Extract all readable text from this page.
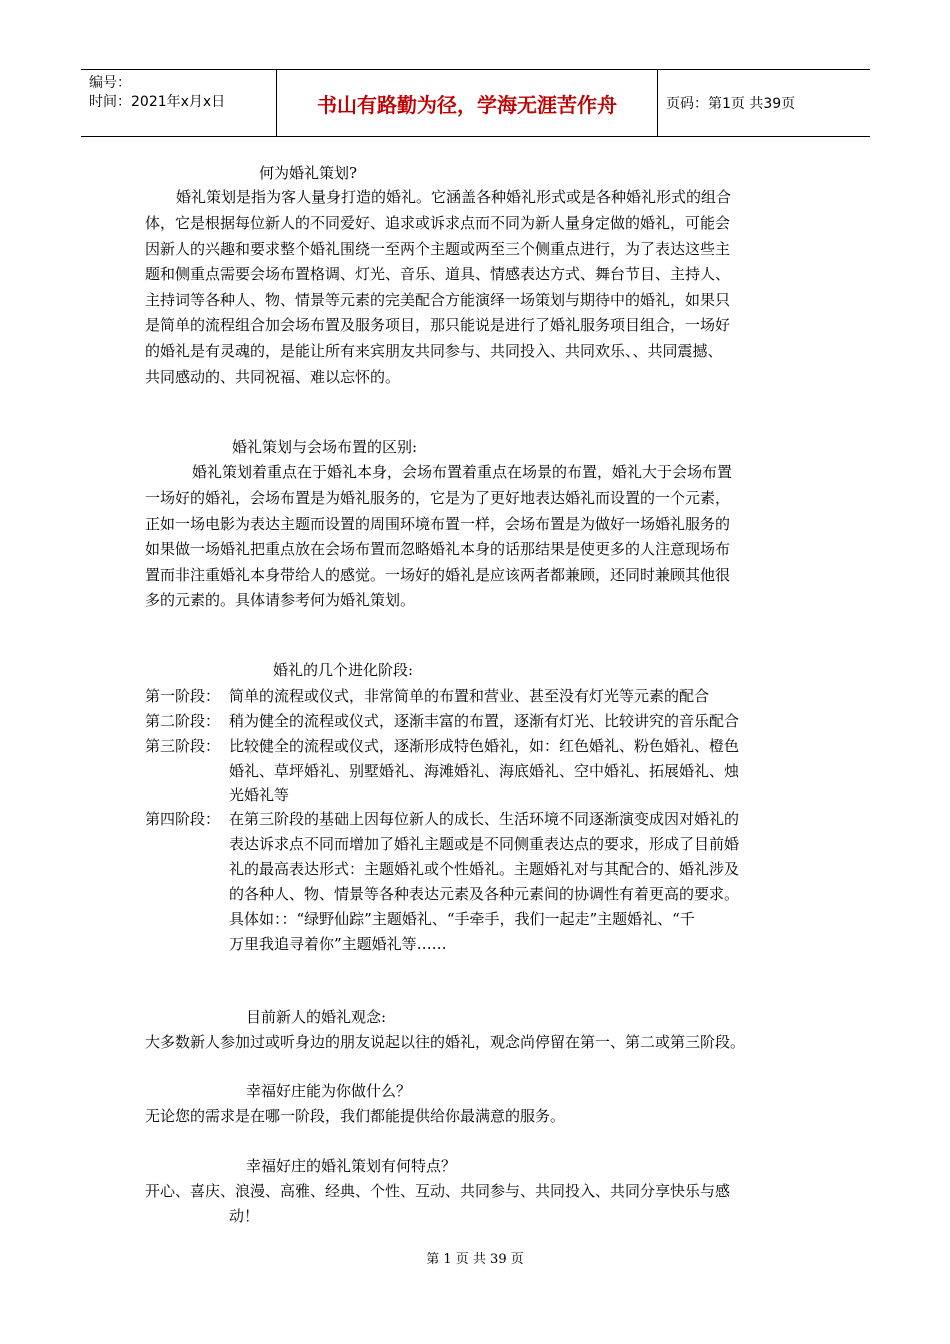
编号：
时间：2021年x月x日	书山有路勤为径，学海无涯苦作舟	页码：第1页 共39页
何为婚礼策划?
婚礼策划是指为客人量身打造的婚礼。它涵盖各种婚礼形式或是各种婚礼形式的组合
体，它是根据每位新人的不同爱好、追求或诉求点而不同为新人量身定做的婚礼，可能会
因新人的兴趣和要求整个婚礼围绕一至两个主题或两至三个侧重点进行，为了表达这些主
题和侧重点需要会场布置格调、灯光、音乐、道具、情感表达方式、舞台节目、主持人、
主持词等各种人、物、情景等元素的完美配合方能演绎一场策划与期待中的婚礼，如果只
是简单的流程组合加会场布置及服务项目，那只能说是进行了婚礼服务项目组合，一场好
的婚礼是有灵魂的，是能让所有来宾朋友共同参与、共同投入、共同欢乐、、共同震撼、
共同感动的、共同祝福、难以忘怀的。
婚礼策划与会场布置的区别:
婚礼策划着重点在于婚礼本身，会场布置着重点在场景的布置，婚礼大于会场布置
一场好的婚礼，会场布置是为婚礼服务的，它是为了更好地表达婚礼而设置的一个元素，
正如一场电影为表达主题而设置的周围环境布置一样，会场布置是为做好一场婚礼服务的
如果做一场婚礼把重点放在会场布置而忽略婚礼本身的话那结果是使更多的人注意现场布
置而非注重婚礼本身带给人的感觉。一场好的婚礼是应该两者都兼顾，还同时兼顾其他很
多的元素的。具体请参考何为婚礼策划。
婚礼的几个进化阶段:
第一阶段： 简单的流程或仪式，非常简单的布置和营业、甚至没有灯光等元素的配合
第二阶段： 稍为健全的流程或仪式，逐渐丰富的布置，逐渐有灯光、比较讲究的音乐配合
第三阶段： 比较健全的流程或仪式，逐渐形成特色婚礼，如：红色婚礼、粉色婚礼、橙色
婚礼、草坪婚礼、别墅婚礼、海滩婚礼、海底婚礼、空中婚礼、拓展婚礼、烛
光婚礼等
第四阶段： 在第三阶段的基础上因每位新人的成长、生活环境不同逐渐演变成因对婚礼的
表达诉求点不同而增加了婚礼主题或是不同侧重表达点的要求，形成了目前婚
礼的最高表达形式：主题婚礼或个性婚礼。主题婚礼对与其配合的、婚礼涉及
的各种人、物、情景等各种表达元素及各种元素间的协调性有着更高的要求。
具体如：：“绿野仙踪”主题婚礼、“手牵手，我们一起走”主题婚礼、“千
万里我追寻着你”主题婚礼等……
目前新人的婚礼观念:
大多数新人参加过或听身边的朋友说起以往的婚礼，观念尚停留在第一、第二或第三阶段。
幸福好庄能为你做什么？
无论您的需求是在哪一阶段，我们都能提供给你最满意的服务。
幸福好庄的婚礼策划有何特点？
开心、喜庆、浪漫、高雅、经典、个性、互动、共同参与、共同投入、共同分享快乐与感
动！
第 1 页 共 39 页
